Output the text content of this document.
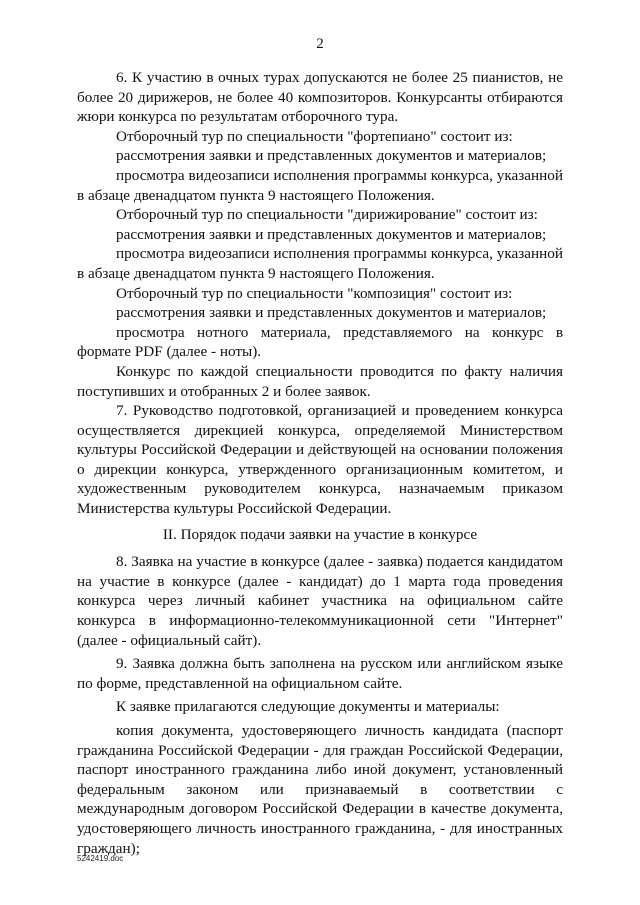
2

6. К участию в очных турах допускаются не более 25 пианистов, не более 20 дирижеров, не более 40 композиторов. Конкурсанты отбираются жюри конкурса по результатам отборочного тура.

Отборочный тур по специальности "фортепиано" состоит из:

рассмотрения заявки и представленных документов и материалов;

просмотра видеозаписи исполнения программы конкурса, указанной в абзаце двенадцатом пункта 9 настоящего Положения.

Отборочный тур по специальности "дирижирование" состоит из:

рассмотрения заявки и представленных документов и материалов;

просмотра видеозаписи исполнения программы конкурса, указанной в абзаце двенадцатом пункта 9 настоящего Положения.

Отборочный тур по специальности "композиция" состоит из:

рассмотрения заявки и представленных документов и материалов;

просмотра нотного материала, представляемого на конкурс в формате PDF (далее - ноты).

Конкурс по каждой специальности проводится по факту наличия поступивших и отобранных 2 и более заявок.

7. Руководство подготовкой, организацией и проведением конкурса осуществляется дирекцией конкурса, определяемой Министерством культуры Российской Федерации и действующей на основании положения о дирекции конкурса, утвержденного организационным комитетом, и художественным руководителем конкурса, назначаемым приказом Министерства культуры Российской Федерации.

II. Порядок подачи заявки на участие в конкурсе

8. Заявка на участие в конкурсе (далее - заявка) подается кандидатом на участие в конкурсе (далее - кандидат) до 1 марта года проведения конкурса через личный кабинет участника на официальном сайте конкурса в информационно-телекоммуникационной сети "Интернет" (далее - официальный сайт).

9. Заявка должна быть заполнена на русском или английском языке по форме, представленной на официальном сайте.

К заявке прилагаются следующие документы и материалы:

копия документа, удостоверяющего личность кандидата (паспорт гражданина Российской Федерации - для граждан Российской Федерации, паспорт иностранного гражданина либо иной документ, установленный федеральным законом или признаваемый в соответствии с международным договором Российской Федерации в качестве документа, удостоверяющего личность иностранного гражданина, - для иностранных граждан);

5242419.doc
